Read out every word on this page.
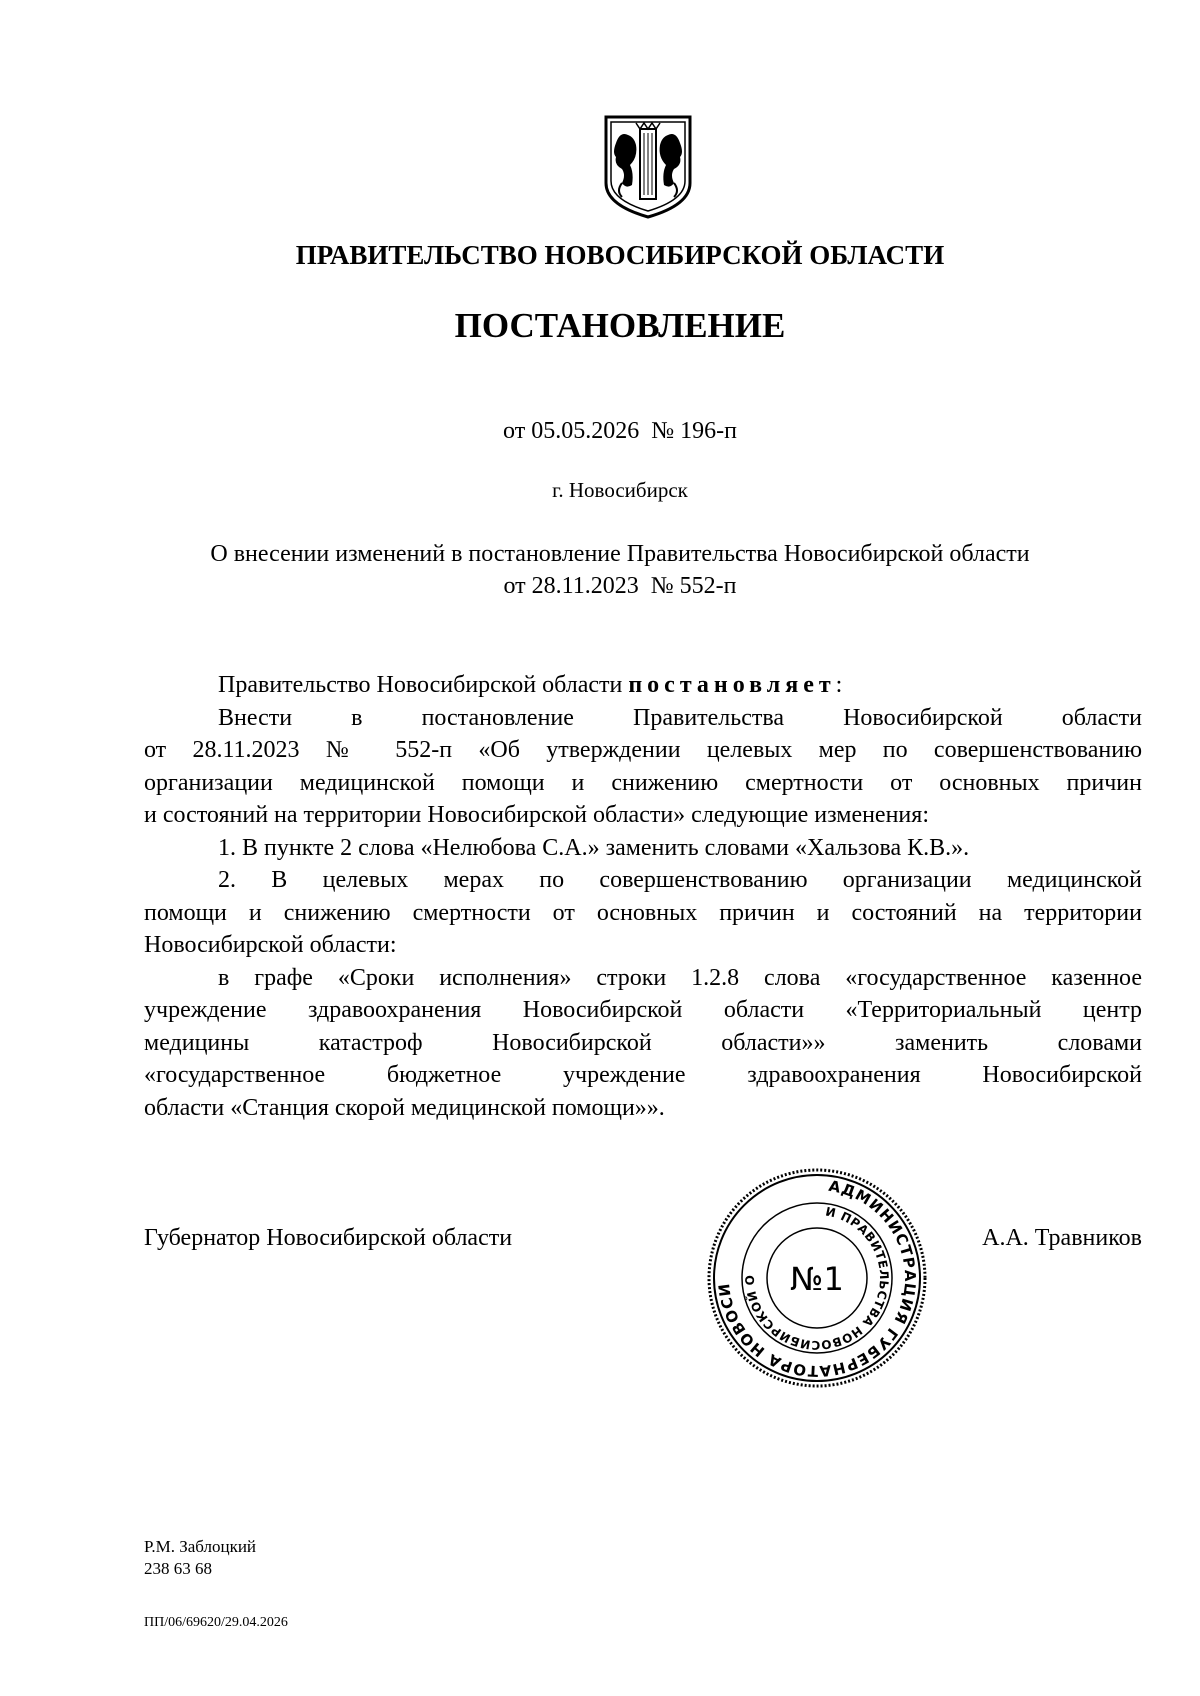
ПРАВИТЕЛЬСТВО НОВОСИБИРСКОЙ ОБЛАСТИ
ПОСТАНОВЛЕНИЕ
от 05.05.2026  № 196-п
г. Новосибирск
О внесении изменений в постановление Правительства Новосибирской области
от 28.11.2023  № 552-п
Правительство Новосибирской области постановляет:
Внести в постановление Правительства Новосибирской области
от 28.11.2023 № 552-п «Об утверждении целевых мер по совершенствованию
организации медицинской помощи и снижению смертности от основных причин
и состояний на территории Новосибирской области» следующие изменения:
1. В пункте 2 слова «Нелюбова С.А.» заменить словами «Хальзова К.В.».
2. В целевых мерах по совершенствованию организации медицинской
помощи и снижению смертности от основных причин и состояний на территории
Новосибирской области:
в графе «Сроки исполнения» строки 1.2.8 слова «государственное казенное
учреждение здравоохранения Новосибирской области «Территориальный центр
медицины катастроф Новосибирской области»» заменить словами
«государственное бюджетное учреждение здравоохранения Новосибирской
области «Станция скорой медицинской помощи»».
Губернатор Новосибирской области
АДМИНИСТРАЦИЯ ГУБЕРНАТОРА НОВОСИ
И ПРАВИТЕЛЬСТВА НОВОСИБИРСКОЙ О	№1
А.А. Травников
Р.М. Заблоцкий
238 63 68
ПП/06/69620/29.04.2026
